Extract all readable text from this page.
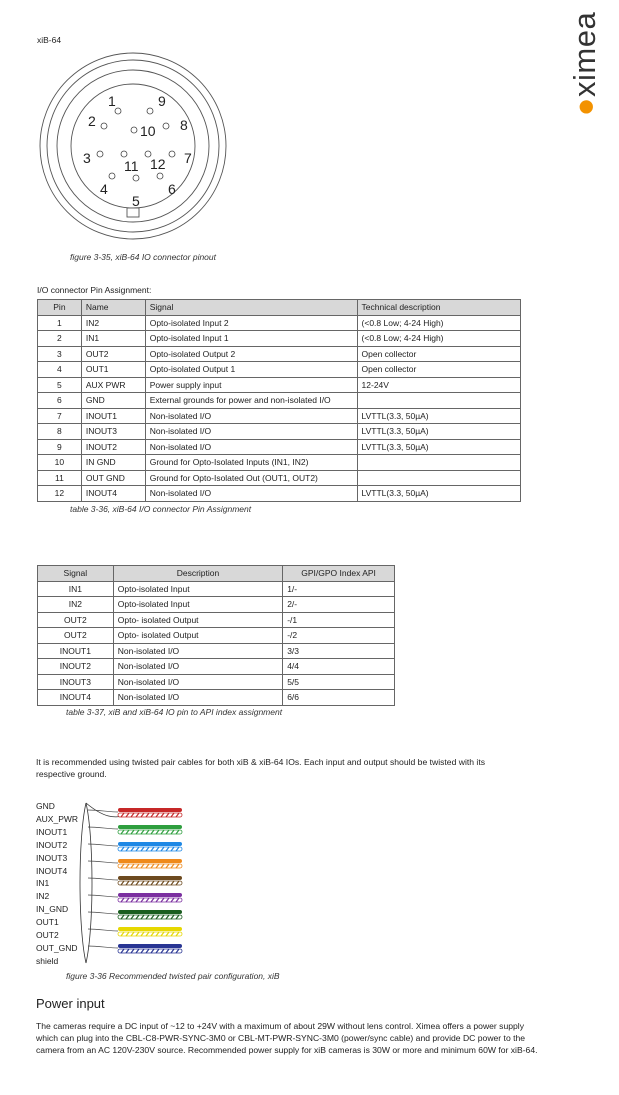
xiB-64
●ximea
1
2
3
4
5
6
7
8
9
10
11 12
figure 3-35, xiB-64 IO connector pinout
I/O connector Pin Assignment:
Pin	Name	Signal	Technical description
1	IN2	Opto-isolated Input 2	(<0.8 Low; 4-24 High)
2	IN1	Opto-isolated Input 1	(<0.8 Low; 4-24 High)
3	OUT2	Opto-isolated Output 2	Open collector
4	OUT1	Opto-isolated Output 1	Open collector
5	AUX PWR	Power supply input	12-24V
6	GND	External grounds for power and non-isolated I/O	
7	INOUT1	Non-isolated I/O	LVTTL(3.3, 50µA)
8	INOUT3	Non-isolated I/O	LVTTL(3.3, 50µA)
9	INOUT2	Non-isolated I/O	LVTTL(3.3, 50µA)
10	IN GND	Ground for Opto-Isolated Inputs (IN1, IN2)	
11	OUT GND	Ground for Opto-Isolated Out (OUT1, OUT2)	
12	INOUT4	Non-isolated I/O	LVTTL(3.3, 50µA)
table 3-36, xiB-64 I/O connector Pin Assignment
Signal	Description	GPI/GPO Index API
IN1	Opto-isolated Input	1/-
IN2	Opto-isolated Input	2/-
OUT2	Opto- isolated Output	-/1
OUT2	Opto- isolated Output	-/2
INOUT1	Non-isolated I/O	3/3
INOUT2	Non-isolated I/O	4/4
INOUT3	Non-isolated I/O	5/5
INOUT4	Non-isolated I/O	6/6
table 3-37, xiB and xiB-64 IO pin to API index assignment
It is recommended using twisted pair cables for both xiB & xiB-64 IOs. Each input and output should be twisted with its respective ground.
GND
AUX_PWR
INOUT1
INOUT2
INOUT3
INOUT4
IN1
IN2
IN_GND
OUT1
OUT2
OUT_GND
shield
figure 3-36 Recommended twisted pair configuration, xiB
Power input
The cameras require a DC input of ~12 to +24V with a maximum of about 29W without lens control. Ximea offers a power supply which can plug into the CBL-C8-PWR-SYNC-3M0 or CBL-MT-PWR-SYNC-3M0 (power/sync cable) and provide DC power to the camera from an AC 120V-230V source. Recommended power supply for xiB cameras is 30W or more and minimum 60W for xiB-64.
